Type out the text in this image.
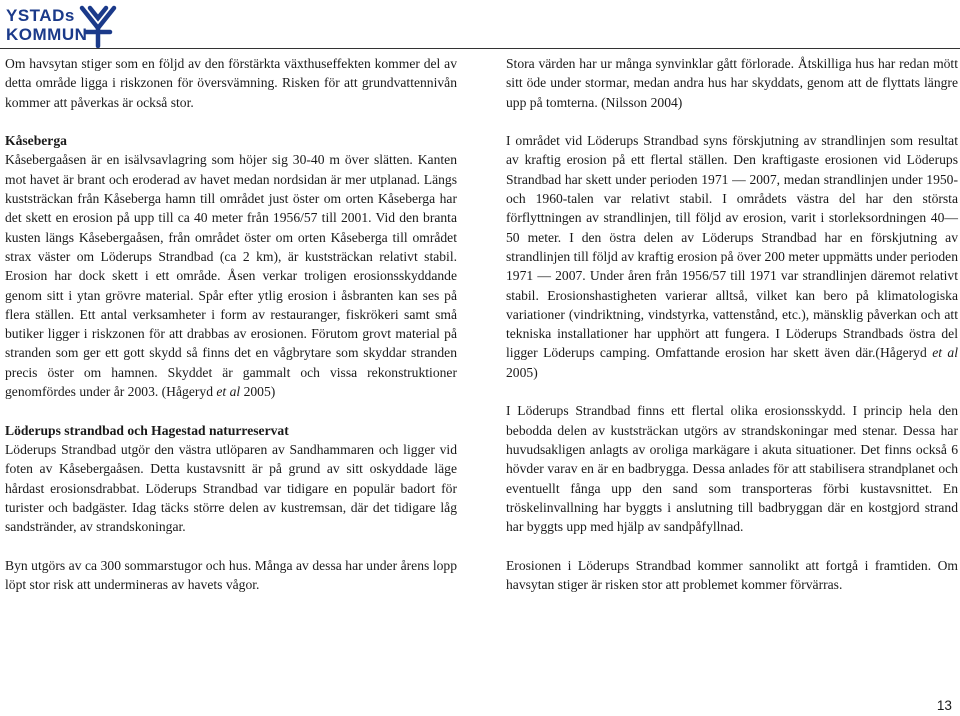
YSTADs
KOMMUN

Om havsytan stiger som en följd av den förstärkta växthuseffekten kommer del av detta område ligga i riskzonen för översvämning. Risken för att grundvattennivån kommer att påverkas är också stor.

Kåseberga
Kåsebergaåsen är en isälvsavlagring som höjer sig 30-40 m över slätten. Kanten mot havet är brant och eroderad av havet medan nordsidan är mer utplanad. Längs kuststräckan från Kåseberga hamn till området just öster om orten Kåseberga har det skett en erosion på upp till ca 40 meter från 1956/57 till 2001. Vid den branta kusten längs Kåsebergaåsen, från området öster om orten Kåseberga till området strax väster om Löderups Strandbad (ca 2 km), är kuststräckan relativt stabil. Erosion har dock skett i ett område. Åsen verkar troligen erosionsskyddande genom sitt i ytan grövre material. Spår efter ytlig erosion i åsbranten kan ses på flera ställen. Ett antal verksamheter i form av restauranger, fiskrökeri samt små butiker ligger i riskzonen för att drabbas av erosionen. Förutom grovt material på stranden som ger ett gott skydd så finns det en vågbrytare som skyddar stranden precis öster om hamnen. Skyddet är gammalt och vissa rekonstruktioner genomfördes under år 2003. (Hågeryd et al 2005)

Löderups strandbad och Hagestad naturreservat
Löderups Strandbad utgör den västra utlöparen av Sandhammaren och ligger vid foten av Kåsebergaåsen. Detta kustavsnitt är på grund av sitt oskyddade läge hårdast erosionsdrabbat. Löderups Strandbad var tidigare en populär badort för turister och badgäster. Idag täcks större delen av kustremsan, där det tidigare låg sandstränder, av strandskoningar.

Byn utgörs av ca 300 sommarstugor och hus. Många av dessa har under årens lopp löpt stor risk att undermineras av havets vågor.

Stora värden har ur många synvinklar gått förlorade. Åtskilliga hus har redan mött sitt öde under stormar, medan andra hus har skyddats, genom att de flyttats längre upp på tomterna. (Nilsson 2004)

I området vid Löderups Strandbad syns förskjutning av strandlinjen som resultat av kraftig erosion på ett flertal ställen. Den kraftigaste erosionen vid Löderups Strandbad har skett under perioden 1971 — 2007, medan strandlinjen under 1950- och 1960-talen var relativt stabil. I områdets västra del har den största förflyttningen av strandlinjen, till följd av erosion, varit i storleksordningen 40—50 meter. I den östra delen av Löderups Strandbad har en förskjutning av strandlinjen till följd av kraftig erosion på över 200 meter uppmätts under perioden 1971 — 2007. Under åren från 1956/57 till 1971 var strandlinjen däremot relativt stabil. Erosionshastigheten varierar alltså, vilket kan bero på klimatologiska variationer (vindriktning, vindstyrka, vattenstånd, etc.), mänsklig påverkan och att tekniska installationer har upphört att fungera. I Löderups Strandbads östra del ligger Löderups camping. Omfattande erosion har skett även där.(Hågeryd et al 2005)

I Löderups Strandbad finns ett flertal olika erosionsskydd. I princip hela den bebodda delen av kuststräckan utgörs av strandskoningar med stenar. Dessa har huvudsakligen anlagts av oroliga markägare i akuta situationer. Det finns också 6 hövder varav en är en badbrygga. Dessa anlades för att stabilisera strandplanet och eventuellt fånga upp den sand som transporteras förbi kustavsnittet. En tröskelinvallning har byggts i anslutning till badbryggan där en kostgjord strand har byggts upp med hjälp av sandpåfyllnad.

Erosionen i Löderups Strandbad kommer sannolikt att fortgå i framtiden. Om havsytan stiger är risken stor att problemet kommer förvärras.

13
